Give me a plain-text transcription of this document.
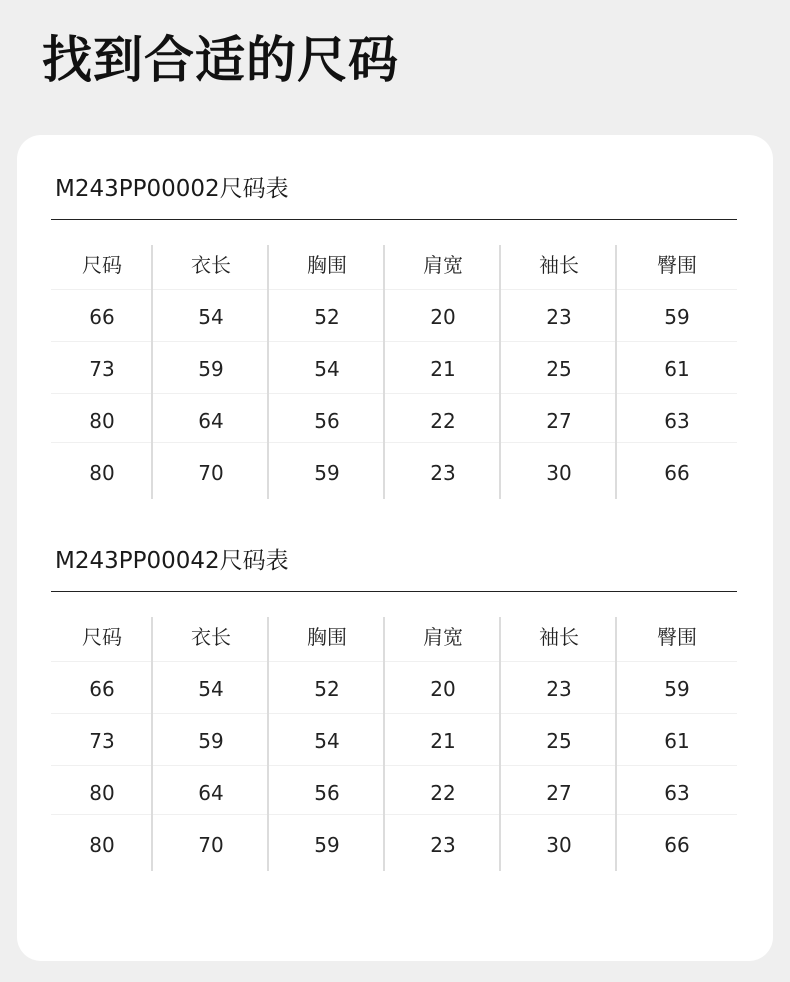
找到合适的尺码
M243PP00002尺码表
尺码	衣长	胸围	肩宽	袖长	臀围
66	54	52	20	23	59
73	59	54	21	25	61
80	64	56	22	27	63
80	70	59	23	30	66
M243PP00042尺码表
尺码	衣长	胸围	肩宽	袖长	臀围
66	54	52	20	23	59
73	59	54	21	25	61
80	64	56	22	27	63
80	70	59	23	30	66
